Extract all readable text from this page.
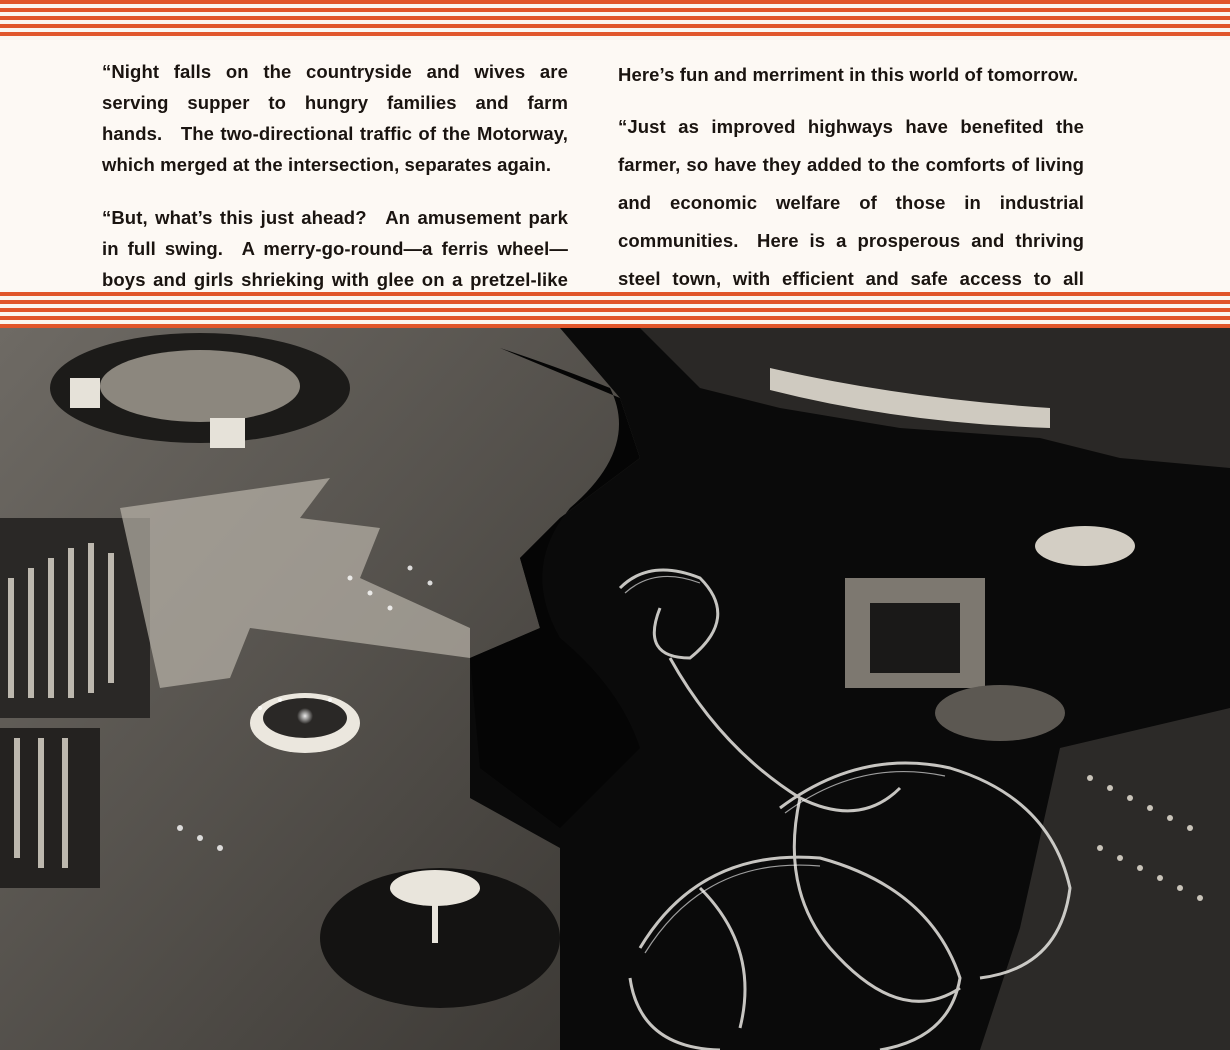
“Night falls on the countryside and wives are serving supper to hungry families and farm hands. The two-directional traffic of the Motorway, which merged at the intersection, separates again.

“But, what’s this just ahead? An amusement park in full swing. A merry-go-round—a ferris wheel—boys and girls shrieking with glee on a pretzel-like

Here’s fun and merriment in this world of tomorrow.

“Just as improved highways have benefited the farmer, so have they added to the comforts of living and economic welfare of those in industrial communities. Here is a prosperous and thriving steel town, with efficient and safe access to all
